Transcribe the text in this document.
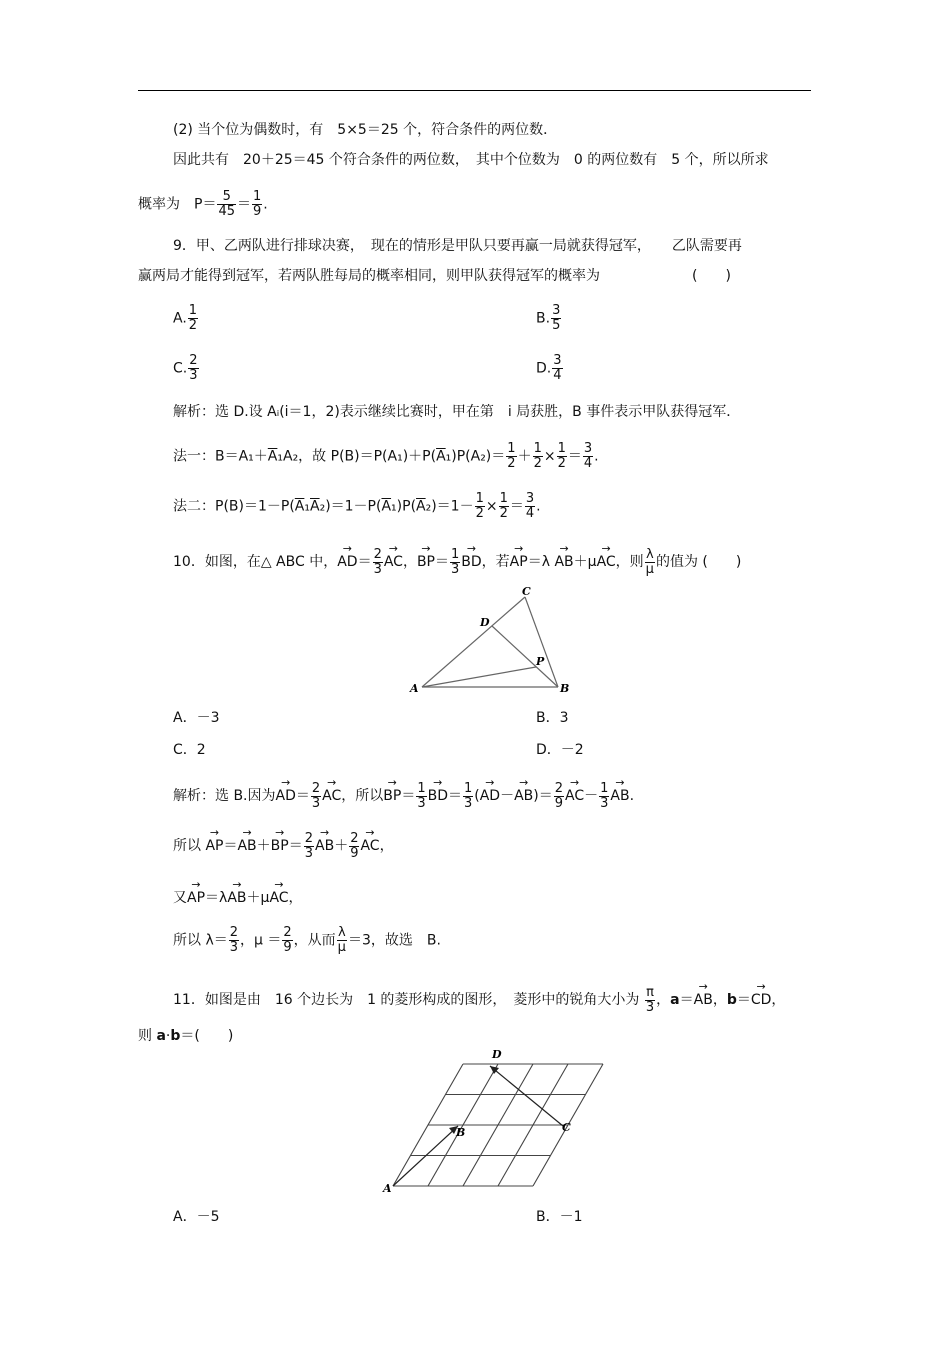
(2) 当个位为偶数时，有　5×5＝25 个，符合条件的两位数．
因此共有　20＋25＝45 个符合条件的两位数，　其中个位数为　0 的两位数有　5 个，所以所求
概率为　$P= \frac{5}{45} = \frac{1}{9}$ .
9．甲、乙两队进行排球决赛，　现在的情形是甲队只要再赢一局就获得冠军，　　乙队需要再
赢两局才能得到冠军，若两队胜每局的概率相同，则甲队获得冠军的概率为	(　　)
A. $\frac{1}{2}$	B. $\frac{3}{5}$
C. $\frac{2}{3}$	D. $\frac{3}{4}$
解析：选 D.设 Aᵢ(i＝1，2)表示继续比赛时，甲在第　i 局获胜，B 事件表示甲队获得冠军．
法一：$B=A_1+\overline{A}_1A_2$，故 $P(B)=P(A_1)+P(\overline{A}_1)P(A_2)= \frac{1}{2} + \frac{1}{2} \times \frac{1}{2} = \frac{3}{4}$ .
法二：$P(B)=1-P(\overline{A}_1\overline{A}_2)=1-P(\overline{A}_1)P(\overline{A}_2)=1- \frac{1}{2} \times \frac{1}{2} = \frac{3}{4}$ .
10．如图，在△ ABC 中，→ $AD= \frac{2}{3}$ → AC，→ $BP= \frac{1}{3}$ → BD，若→ AP＝λ → AB＋μ→ AC，则 $\frac{\lambda}{\mu}$ 的值为 (　　)
A	B
C
D
P
A．－3	B．3
C．2	D．－2
解析：选 B.因为→ $AD= \frac{2}{3}$ → AC，所以→ $BP= \frac{1}{3} \to BD= \frac{1}{3}$ (→ $AD-\to AB)= \frac{2}{9} \to AC- \frac{1}{3}$ → AB.
所以 → $AP=\to AB+\to BP= \frac{2}{3} \to AB+ \frac{2}{9}$ → AC，
又→ AP＝λ→ AB＋μ→ AC，
所以 $\lambda= \frac{2}{3}$ ，$\mu = \frac{2}{9}$ ，从而 $\frac{\lambda}{\mu} =3$，故选　B.
11．如图是由　16 个边长为　1 的菱形构成的图形，　菱形中的锐角大小为 $\frac{\pi}{3}$ ，a＝→ AB，b＝→ CD，
则 a·b＝(　　)
A
B	C
D
A．－5	B．－1
